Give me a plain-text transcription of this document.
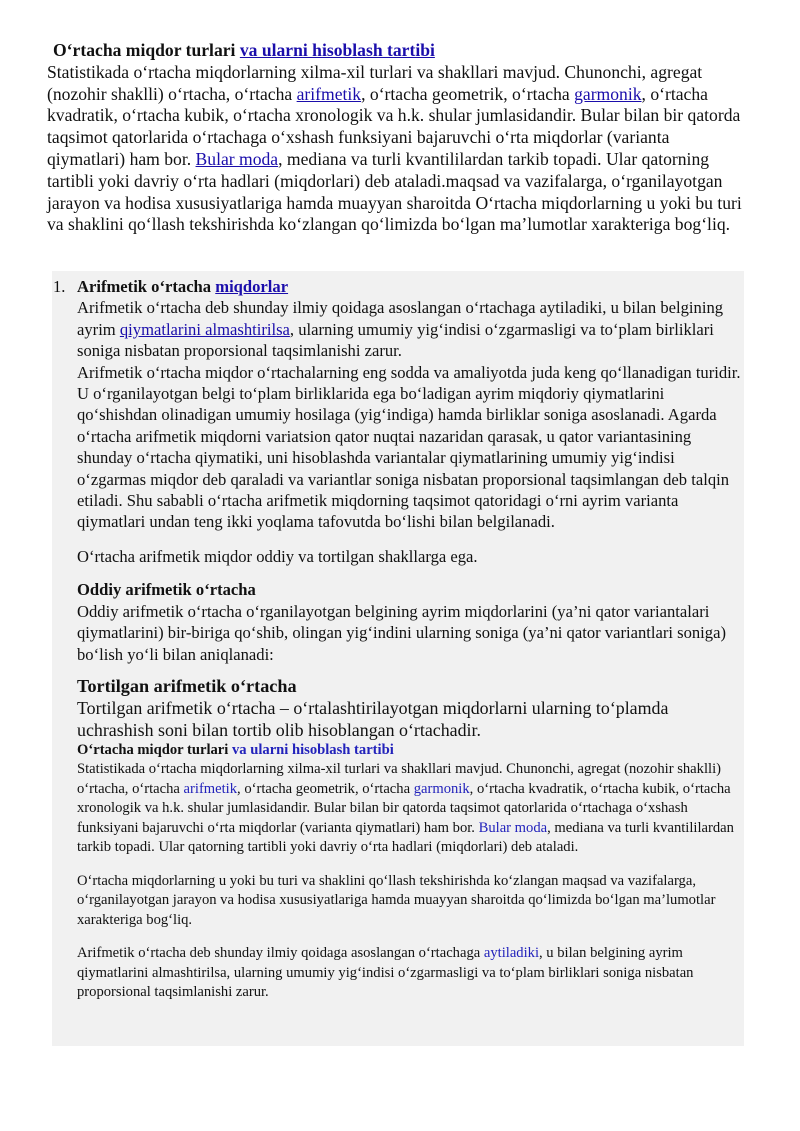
O‘rtacha miqdor turlari va ularni hisoblash tartibi
Statistikada o‘rtacha miqdorlarning xilma-xil turlari va shakllari mavjud. Chunonchi, agregat (nozohir shaklli) o‘rtacha, o‘rtacha arifmetik, o‘rtacha geometrik, o‘rtacha garmonik, o‘rtacha kvadratik, o‘rtacha kubik, o‘rtacha xronologik va h.k. shular jumlasidandir. Bular bilan bir qatorda taqsimot qatorlarida o‘rtachaga o‘xshash funksiyani bajaruvchi o‘rta miqdorlar (varianta qiymatlari) ham bor. Bular moda, mediana va turli kvantililardan tarkib topadi. Ular qatorning tartibli yoki davriy o‘rta hadlari (miqdorlari) deb ataladi.maqsad va vazifalarga, o‘rganilayotgan jarayon va hodisa xususiyatlariga hamda muayyan sharoitda O‘rtacha miqdorlarning u yoki bu turi va shaklini qo‘llash tekshirishda ko‘zlangan qo‘limizda bo‘lgan ma’lumotlar xarakteriga bog‘liq.
1. Arifmetik o‘rtacha miqdorlar
Arifmetik o‘rtacha deb shunday ilmiy qoidaga asoslangan o‘rtachaga aytiladiki, u bilan belgining ayrim qiymatlarini almashtirilsa, ularning umumiy yig‘indisi o‘zgarmasligi va to‘plam birliklari soniga nisbatan proporsional taqsimlanishi zarur.
Arifmetik o‘rtacha miqdor o‘rtachalarning eng sodda va amaliyotda juda keng qo‘llanadigan turidir. U o‘rganilayotgan belgi to‘plam birliklarida ega bo‘ladigan ayrim miqdoriy qiymatlarini qo‘shishdan olinadigan umumiy hosilaga (yig‘indiga) hamda birliklar soniga asoslanadi. Agarda o‘rtacha arifmetik miqdorni variatsion qator nuqtai nazaridan qarasak, u qator variantasining shunday o‘rtacha qiymatiki, uni hisoblashda variantalar qiymatlarining umumiy yig‘indisi o‘zgarmas miqdor deb qaraladi va variantlar soniga nisbatan proporsional taqsimlangan deb talqin etiladi. Shu sababli o‘rtacha arifmetik miqdorning taqsimot qatoridagi o‘rni ayrim varianta qiymatlari undan teng ikki yoqlama tafovutda bo‘lishi bilan belgilanadi.
O‘rtacha arifmetik miqdor oddiy va tortilgan shakllarga ega.
Oddiy arifmetik o‘rtacha
Oddiy arifmetik o‘rtacha o‘rganilayotgan belgining ayrim miqdorlarini (ya’ni qator variantalari qiymatlarini) bir-biriga qo‘shib, olingan yig‘indini ularning soniga (ya’ni qator variantlari soniga) bo‘lish yo‘li bilan aniqlanadi:
Tortilgan arifmetik o‘rtacha
Tortilgan arifmetik o‘rtacha – o‘rtalashtirilayotgan miqdorlarni ularning to‘plamda uchrashish soni bilan tortib olib hisoblangan o‘rtachadir.
O‘rtacha miqdor turlari va ularni hisoblash tartibi
Statistikada o‘rtacha miqdorlarning xilma-xil turlari va shakllari mavjud. Chunonchi, agregat (nozohir shaklli) o‘rtacha, o‘rtacha arifmetik, o‘rtacha geometrik, o‘rtacha garmonik, o‘rtacha kvadratik, o‘rtacha kubik, o‘rtacha xronologik va h.k. shular jumlasidandir. Bular bilan bir qatorda taqsimot qatorlarida o‘rtachaga o‘xshash funksiyani bajaruvchi o‘rta miqdorlar (varianta qiymatlari) ham bor. Bular moda, mediana va turli kvantililardan tarkib topadi. Ular qatorning tartibli yoki davriy o‘rta hadlari (miqdorlari) deb ataladi.
O‘rtacha miqdorlarning u yoki bu turi va shaklini qo‘llash tekshirishda ko‘zlangan maqsad va vazifalarga, o‘rganilayotgan jarayon va hodisa xususiyatlariga hamda muayyan sharoitda qo‘limizda bo‘lgan ma’lumotlar xarakteriga bog‘liq.
Arifmetik o‘rtacha deb shunday ilmiy qoidaga asoslangan o‘rtachaga aytiladiki, u bilan belgining ayrim qiymatlarini almashtirilsa, ularning umumiy yig‘indisi o‘zgarmasligi va to‘plam birliklari soniga nisbatan proporsional taqsimlanishi zarur.
